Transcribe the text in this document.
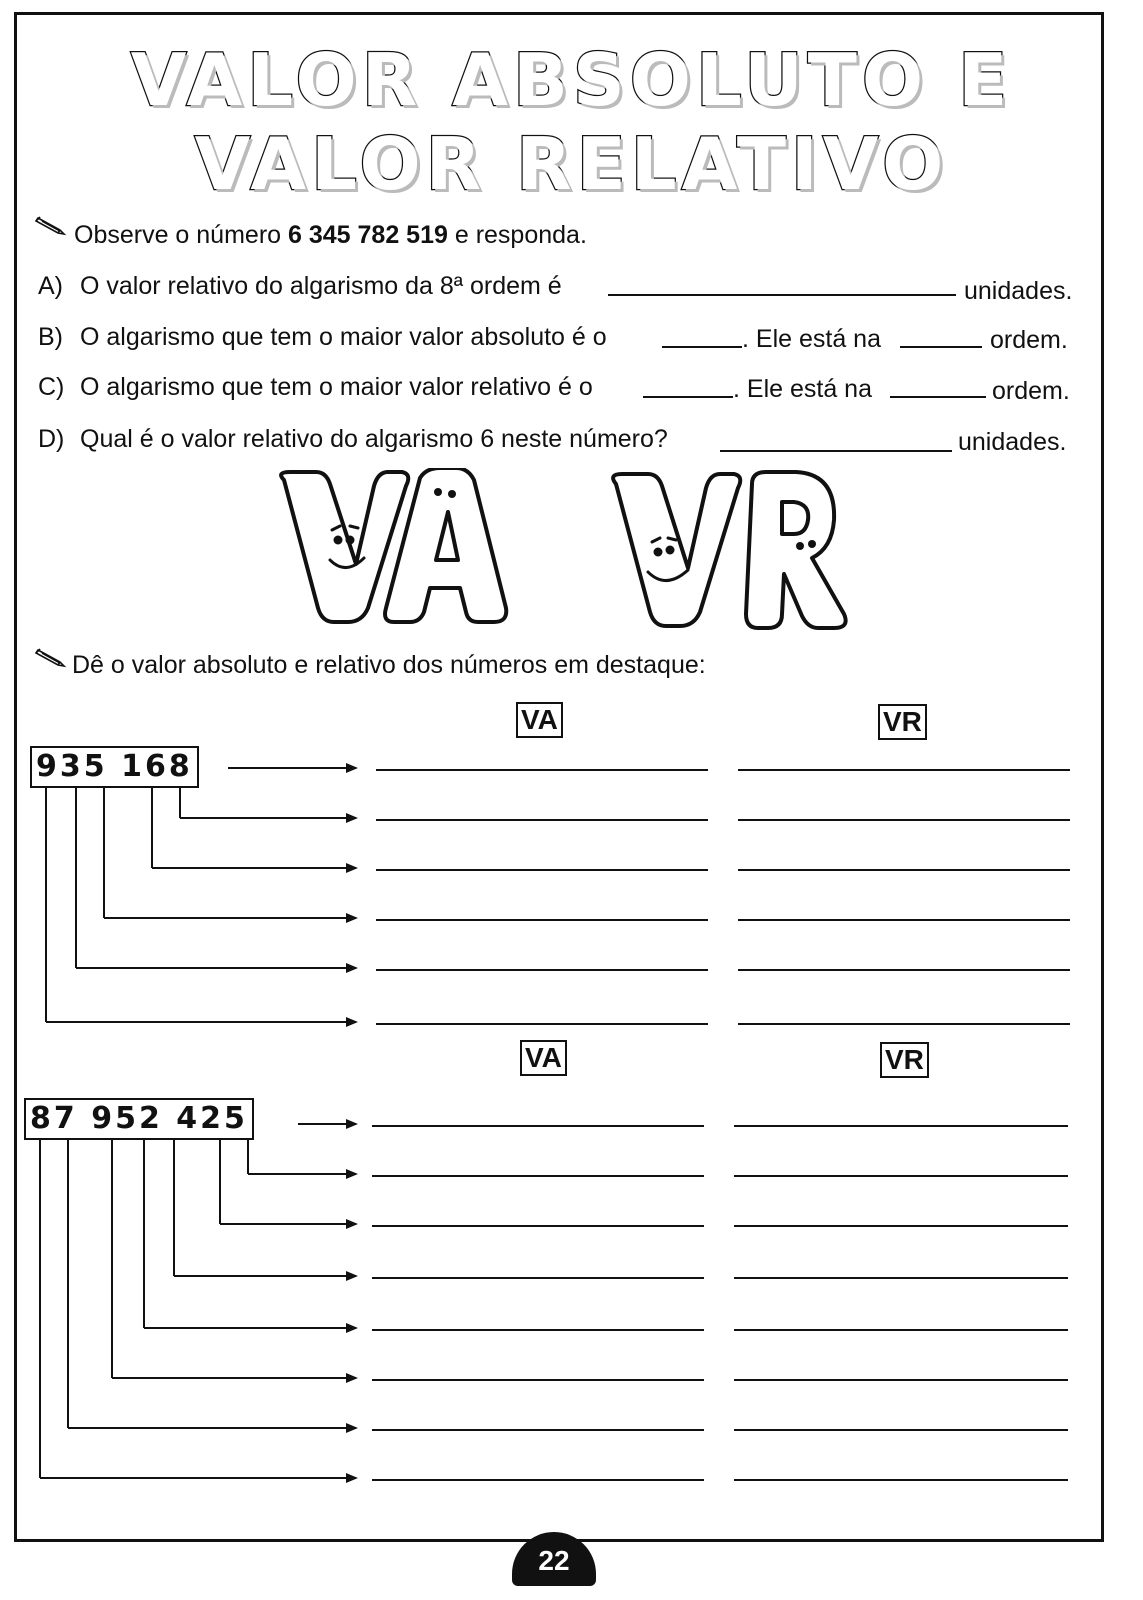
VALOR ABSOLUTO E
VALOR RELATIVO
Observe o número 6 345 782 519 e responda.
A) O valor relativo do algarismo da 8ª ordem é	unidades.
B) O algarismo que tem o maior valor absoluto é o	. Ele está na	ordem.
C) O algarismo que tem o maior valor relativo é o	. Ele está na	ordem.
D) Qual é o valor relativo do algarismo 6 neste número?	unidades.
Dê o valor absoluto e relativo dos números em destaque:
VA	VR
935 168
VA	VR
87 952 425
22
